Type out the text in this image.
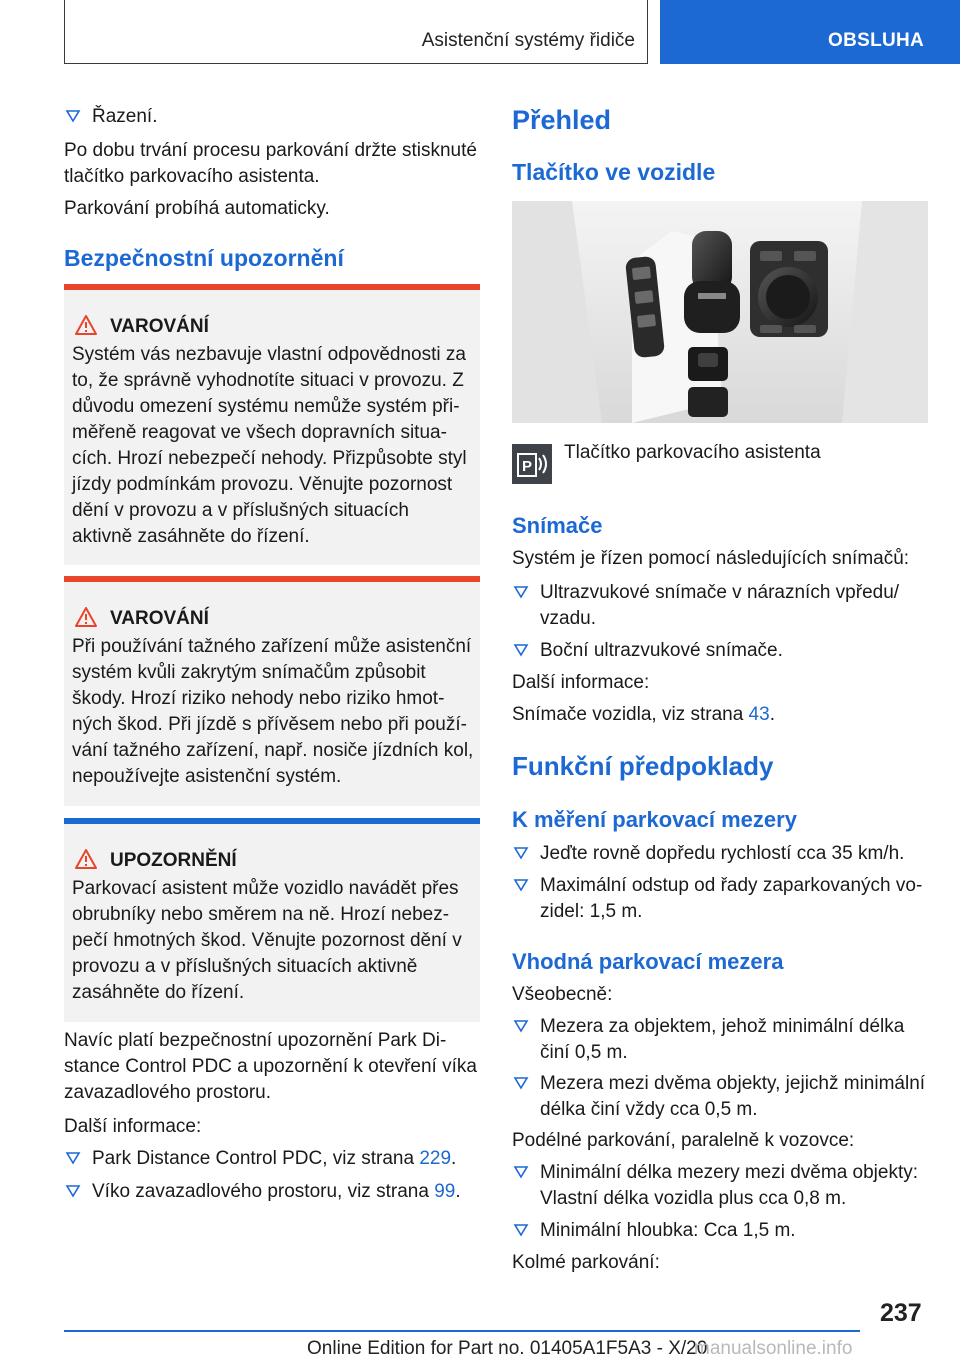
Asistenční systémy řidiče	OBSLUHA
Řazení.

Po dobu trvání procesu parkování držte stisknuté tlačítko parkovacího asistenta.

Parkování probíhá automaticky.

Bezpečnostní upozornění
VAROVÁNÍ
Systém vás nezbavuje vlastní odpovědnosti za to, že správně vyhodnotíte situaci v provozu. Z důvodu omezení systému nemůže systém přiměřeně reagovat ve všech dopravních situacích. Hrozí nebezpečí nehody. Přizpůsobte styl jízdy podmínkám provozu. Věnujte pozornost dění v provozu a v příslušných situacích aktivně zasáhněte do řízení.
VAROVÁNÍ
Při používání tažného zařízení může asistenční systém kvůli zakrytým snímačům způsobit škody. Hrozí riziko nehody nebo riziko hmotných škod. Při jízdě s přívěsem nebo při používání tažného zařízení, např. nosiče jízdních kol, nepoužívejte asistenční systém.
UPOZORNĚNÍ
Parkovací asistent může vozidlo navádět přes obrubníky nebo směrem na ně. Hrozí nebezpečí hmotných škod. Věnujte pozornost dění v provozu a v příslušných situacích aktivně zasáhněte do řízení.

Navíc platí bezpečnostní upozornění Park Distance Control PDC a upozornění k otevření víka zavazadlového prostoru.

Další informace:

Park Distance Control PDC, viz strana 229.
Víko zavazadlového prostoru, viz strana 99.
Přehled
Tlačítko ve vozidle
P

Tlačítko parkovacího asistenta

Snímače

Systém je řízen pomocí následujících snímačů:

Ultrazvukové snímače v nárazních vpředu/ vzadu.
Boční ultrazvukové snímače.

Další informace:

Snímače vozidla, viz strana 43.

Funkční předpoklady
K měření parkovací mezery
Jeďte rovně dopředu rychlostí cca 35 km/h.
Maximální odstup od řady zaparkovaných vozidel: 1,5 m.
Vhodná parkovací mezera

Všeobecně:

Mezera za objektem, jehož minimální délka činí 0,5 m.
Mezera mezi dvěma objekty, jejichž minimální délka činí vždy cca 0,5 m.

Podélné parkování, paralelně k vozovce:

Minimální délka mezery mezi dvěma objekty: Vlastní délka vozidla plus cca 0,8 m.
Minimální hloubka: Cca 1,5 m.

Kolmé parkování:

237
Online Edition for Part no. 01405A1F5A3 - X/20
manualsonline.info
